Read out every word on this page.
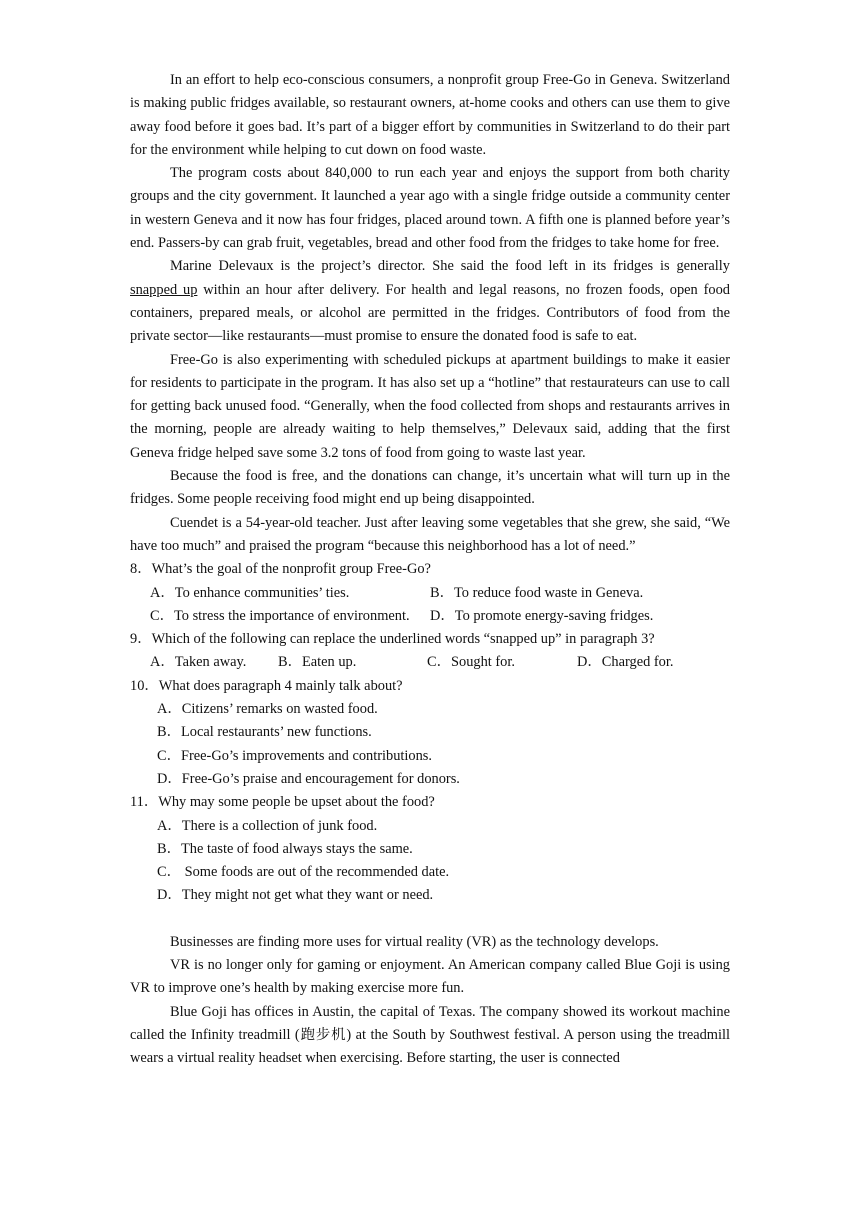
In an effort to help eco-conscious consumers, a nonprofit group Free-Go in Geneva. Switzerland is making public fridges available, so restaurant owners, at-home cooks and others can use them to give away food before it goes bad. It’s part of a bigger effort by communities in Switzerland to do their part for the environment while helping to cut down on food waste.

The program costs about 840,000 to run each year and enjoys the support from both charity groups and the city government. It launched a year ago with a single fridge outside a community center in western Geneva and it now has four fridges, placed around town. A fifth one is planned before year’s end. Passers-by can grab fruit, vegetables, bread and other food from the fridges to take home for free.

Marine Delevaux is the project’s director. She said the food left in its fridges is generally snapped up within an hour after delivery. For health and legal reasons, no frozen foods, open food containers, prepared meals, or alcohol are permitted in the fridges. Contributors of food from the private sector—like restaurants—must promise to ensure the donated food is safe to eat.

Free-Go is also experimenting with scheduled pickups at apartment buildings to make it easier for residents to participate in the program. It has also set up a “hotline” that restaurateurs can use to call for getting back unused food. “Generally, when the food collected from shops and restaurants arrives in the morning, people are already waiting to help themselves,” Delevaux said, adding that the first Geneva fridge helped save some 3.2 tons of food from going to waste last year.

Because the food is free, and the donations can change, it’s uncertain what will turn up in the fridges. Some people receiving food might end up being disappointed.

Cuendet is a 54-year-old teacher. Just after leaving some vegetables that she grew, she said, “We have too much” and praised the program “because this neighborhood has a lot of need.”

8．What’s the goal of the nonprofit group Free-Go?

A．To enhance communities’ ties.	B．To reduce food waste in Geneva.
C．To stress the importance of environment.	D．To promote energy-saving fridges.

9．Which of the following can replace the underlined words “snapped up” in paragraph 3?

A．Taken away.	B．Eaten up.	C．Sought for.	D．Charged for.

10．What does paragraph 4 mainly talk about?

A．Citizens’ remarks on wasted food.

B．Local restaurants’ new functions.

C．Free-Go’s improvements and contributions.

D．Free-Go’s praise and encouragement for donors.

11．Why may some people be upset about the food?

A．There is a collection of junk food.

B．The taste of food always stays the same.

C． Some foods are out of the recommended date.

D．They might not get what they want or need.

Businesses are finding more uses for virtual reality (VR) as the technology develops.

VR is no longer only for gaming or enjoyment. An American company called Blue Goji is using VR to improve one’s health by making exercise more fun.

Blue Goji has offices in Austin, the capital of Texas. The company showed its workout machine called the Infinity treadmill (跑步机) at the South by Southwest festival. A person using the treadmill wears a virtual reality headset when exercising. Before starting, the user is connected
